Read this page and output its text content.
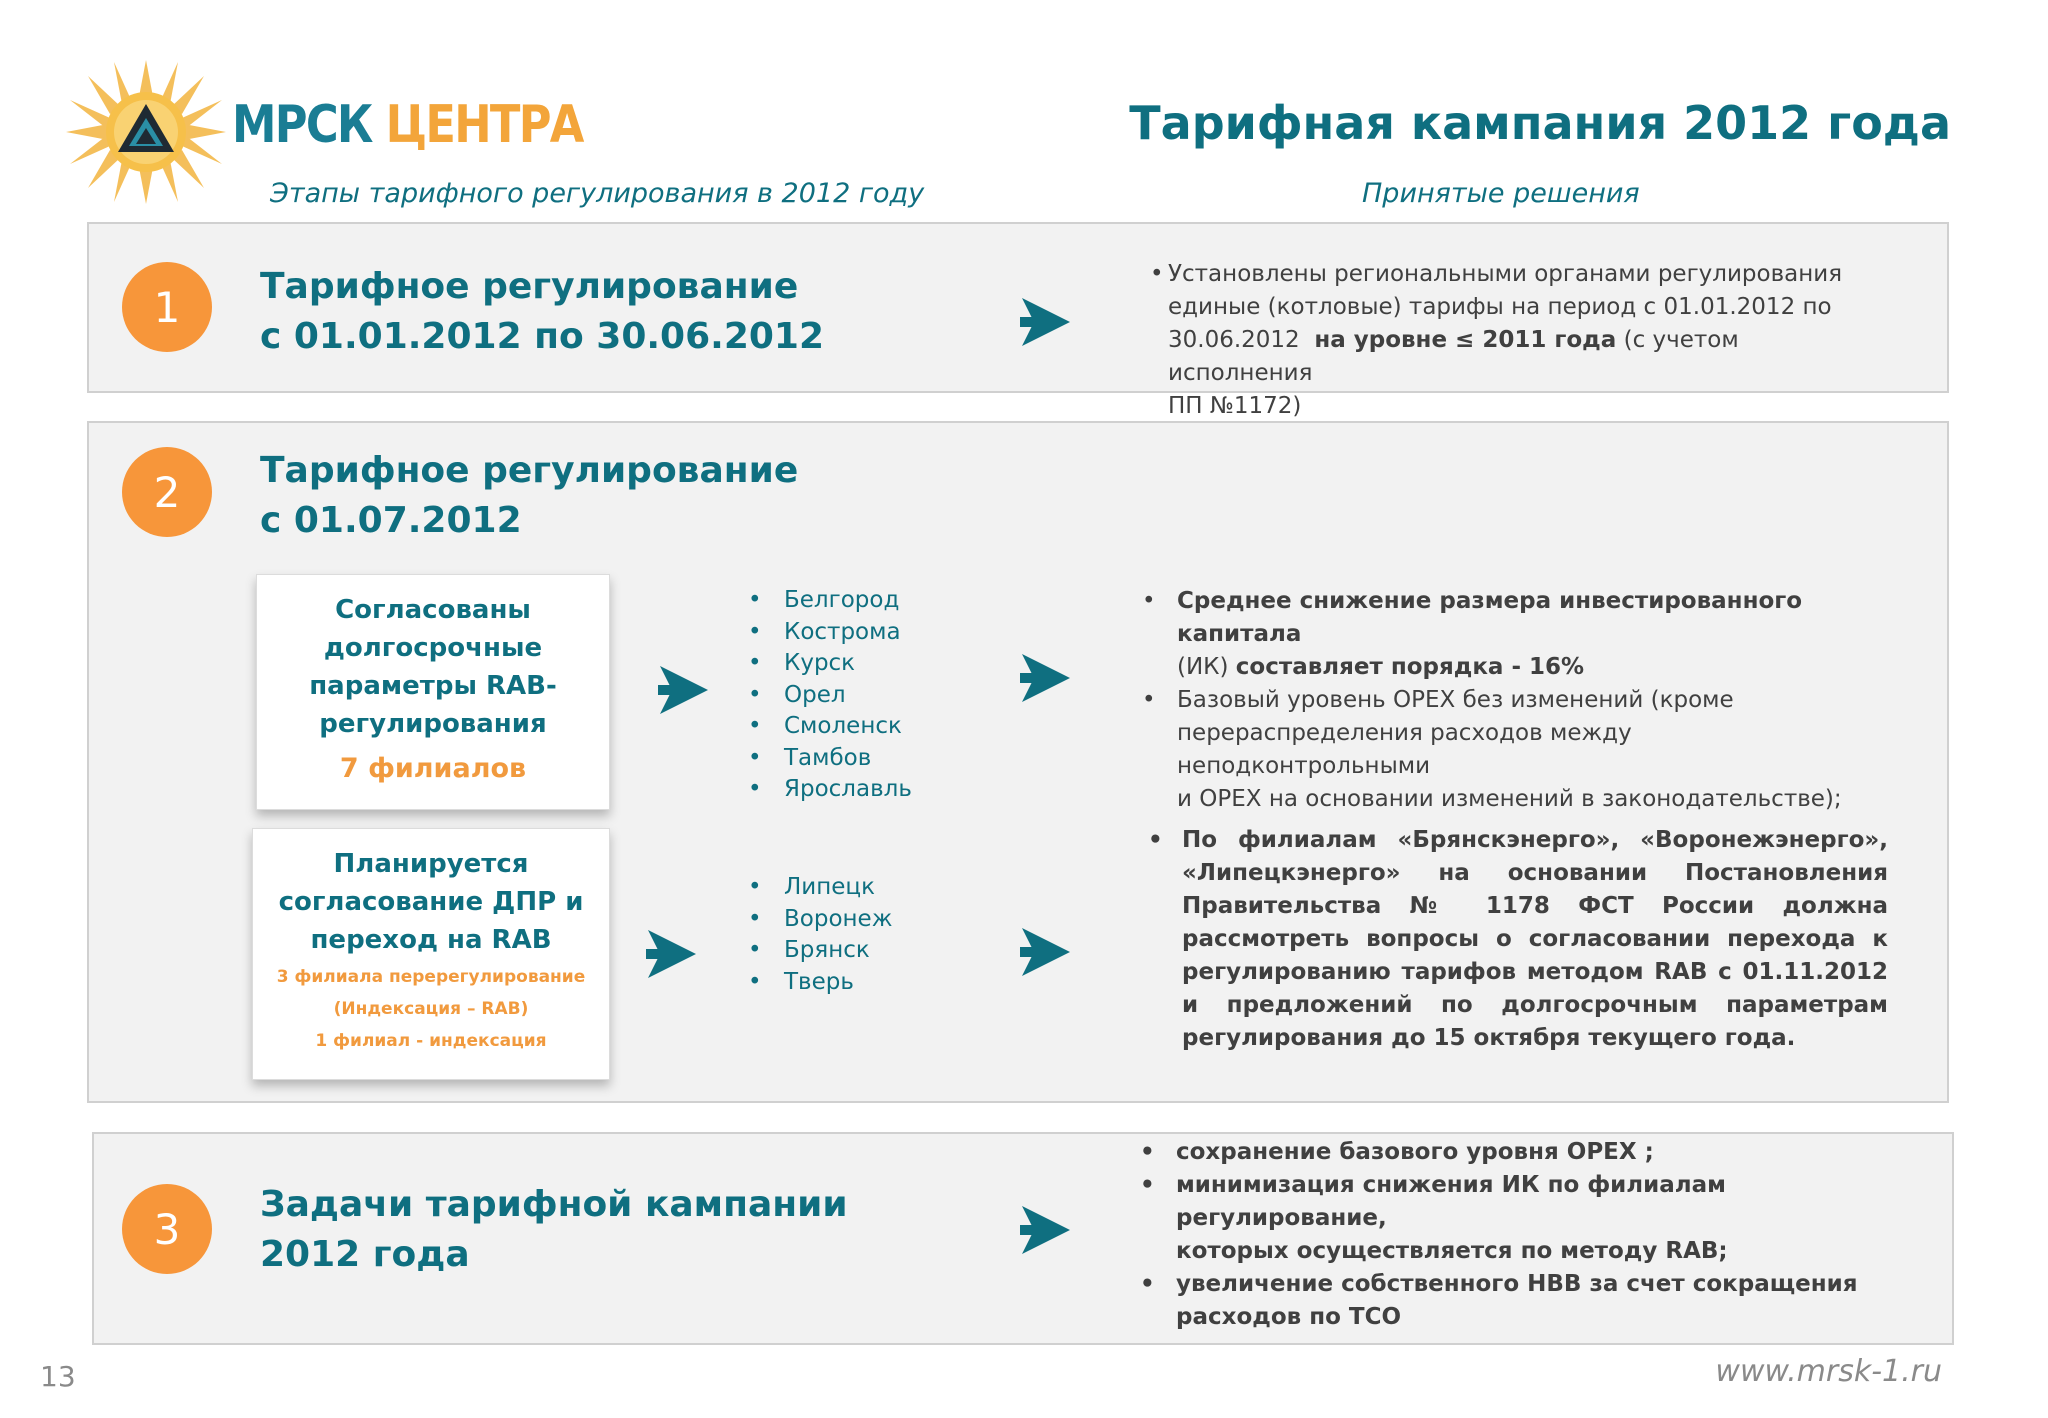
МРСК ЦЕНТРА	Тарифная кампания 2012 года
Этапы тарифного регулирования в 2012 году	Принятые решения
1	Тарифное регулирование
с 01.01.2012 по 30.06.2012
• Установлены региональными органами регулирования
единые (котловые) тарифы на период с 01.01.2012 по
30.06.2012 на уровне ≤ 2011 года (с учетом исполнения
ПП №1172)
2	Тарифное регулирование
с 01.07.2012
Согласованы
долгосрочные
параметры RAB-
регулирования
7 филиалов
• Белгород
• Кострома
• Курск
• Орел
• Смоленск
• Тамбов
• Ярославль
• Среднее снижение размера инвестированного капитала
(ИК) составляет порядка - 16%
• Базовый уровень ОРЕХ без изменений (кроме
перераспределения расходов между неподконтрольными
и ОРЕХ на основании изменений в законодательстве);
Планируется
согласование ДПР и
переход на RAB
3 филиала перерегулирование
(Индексация – RAB)
1 филиал - индексация
• Липецк
• Воронеж
• Брянск
• Тверь
• По филиалам «Брянскэнерго», «Воронежэнерго», «Липецкэнерго» на основании Постановления Правительства № 1178 ФСТ России должна рассмотреть вопросы о согласовании перехода к регулированию тарифов методом RAB с 01.11.2012 и предложений по долгосрочным параметрам регулирования до 15 октября текущего года.
3	Задачи тарифной кампании
2012 года
• сохранение базового уровня ОРЕХ ;
• минимизация снижения ИК по филиалам регулирование,
которых осуществляется по методу RAB;
• увеличение собственного НВВ за счет сокращения
расходов по ТСО
13	www.mrsk-1.ru
